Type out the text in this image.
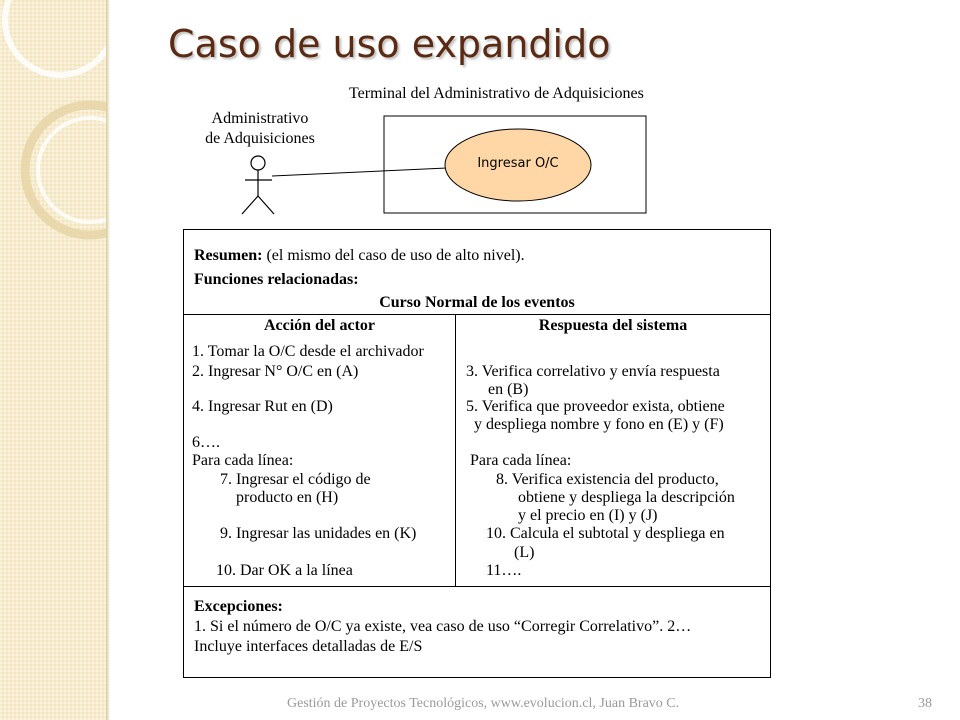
Caso de uso expandido
Terminal del Administrativo de Adquisiciones
Administrativo
de Adquisiciones
Ingresar O/C
Resumen: (el mismo del caso de uso de alto nivel).
Funciones relacionadas:
Curso Normal de los eventos
Acción del actor	Respuesta del sistema
1. Tomar la O/C desde el archivador
2. Ingresar N° O/C en (A)
4. Ingresar Rut en (D)
6….
Para cada línea:
7. Ingresar el código de
producto en (H)
9. Ingresar las unidades en (K)
10. Dar OK a la línea
3. Verifica correlativo y envía respuesta
en (B)
5. Verifica que proveedor exista, obtiene
y despliega nombre y fono en (E) y (F)
Para cada línea:
8. Verifica existencia del producto,
obtiene y despliega la descripción
y el precio en (I) y (J)
10. Calcula el subtotal y despliega en
(L)
11….
Excepciones:
1. Si el número de O/C ya existe, vea caso de uso “Corregir Correlativo”. 2…
Incluye interfaces detalladas de E/S
Gestión de Proyectos Tecnológicos, www.evolucion.cl, Juan Bravo C.	38
